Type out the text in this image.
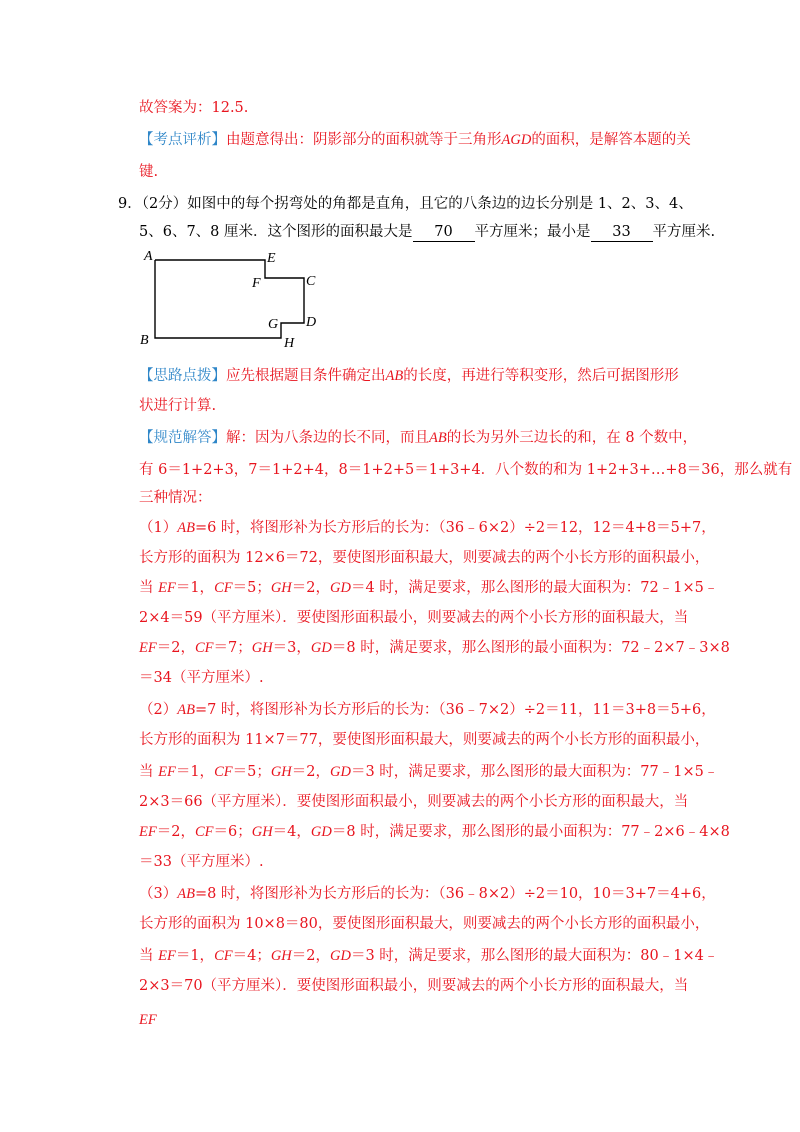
故答案为：12.5.
【考点评析】由题意得出：阴影部分的面积就等于三角形AGD的面积，是解答本题的关
键.
9．（2分）如图中的每个拐弯处的角都是直角，且它的八条边的边长分别是 1、2、3、4、
5、6、7、8 厘米．这个图形的面积最大是 70 平方厘米；最小是 33 平方厘米.
A
B
E
F	C
G D
H
【思路点拨】应先根据题目条件确定出AB的长度，再进行等积变形，然后可据图形形
状进行计算.
【规范解答】解：因为八条边的长不同，而且AB的长为另外三边长的和，在 8 个数中，
有 6＝1+2+3，7＝1+2+4，8＝1+2+5＝1+3+4．八个数的和为 1+2+3+…+8＝36，那么就有
三种情况：
（1）AB=6 时，将图形补为长方形后的长为：（36﹣6×2）÷2＝12，12＝4+8＝5+7，
长方形的面积为 12×6＝72，要使图形面积最大，则要减去的两个小长方形的面积最小，
当 EF＝1，CF＝5；GH＝2，GD＝4 时，满足要求，那么图形的最大面积为：72﹣1×5﹣
2×4＝59（平方厘米）．要使图形面积最小，则要减去的两个小长方形的面积最大，当
EF＝2，CF＝7；GH＝3，GD＝8 时，满足要求，那么图形的最小面积为：72﹣2×7﹣3×8
＝34（平方厘米）.
（2）AB=7 时，将图形补为长方形后的长为：（36﹣7×2）÷2＝11，11＝3+8＝5+6，
长方形的面积为 11×7＝77，要使图形面积最大，则要减去的两个小长方形的面积最小，
当 EF＝1，CF＝5；GH＝2，GD＝3 时，满足要求，那么图形的最大面积为：77﹣1×5﹣
2×3＝66（平方厘米）．要使图形面积最小，则要减去的两个小长方形的面积最大，当
EF＝2，CF＝6；GH＝4，GD＝8 时，满足要求，那么图形的最小面积为：77﹣2×6﹣4×8
＝33（平方厘米）.
（3）AB=8 时，将图形补为长方形后的长为：（36﹣8×2）÷2＝10，10＝3+7＝4+6，
长方形的面积为 10×8＝80，要使图形面积最大，则要减去的两个小长方形的面积最小，
当 EF＝1，CF＝4；GH＝2，GD＝3 时，满足要求，那么图形的最大面积为：80﹣1×4﹣
2×3＝70（平方厘米）．要使图形面积最小，则要减去的两个小长方形的面积最大，当
EF
